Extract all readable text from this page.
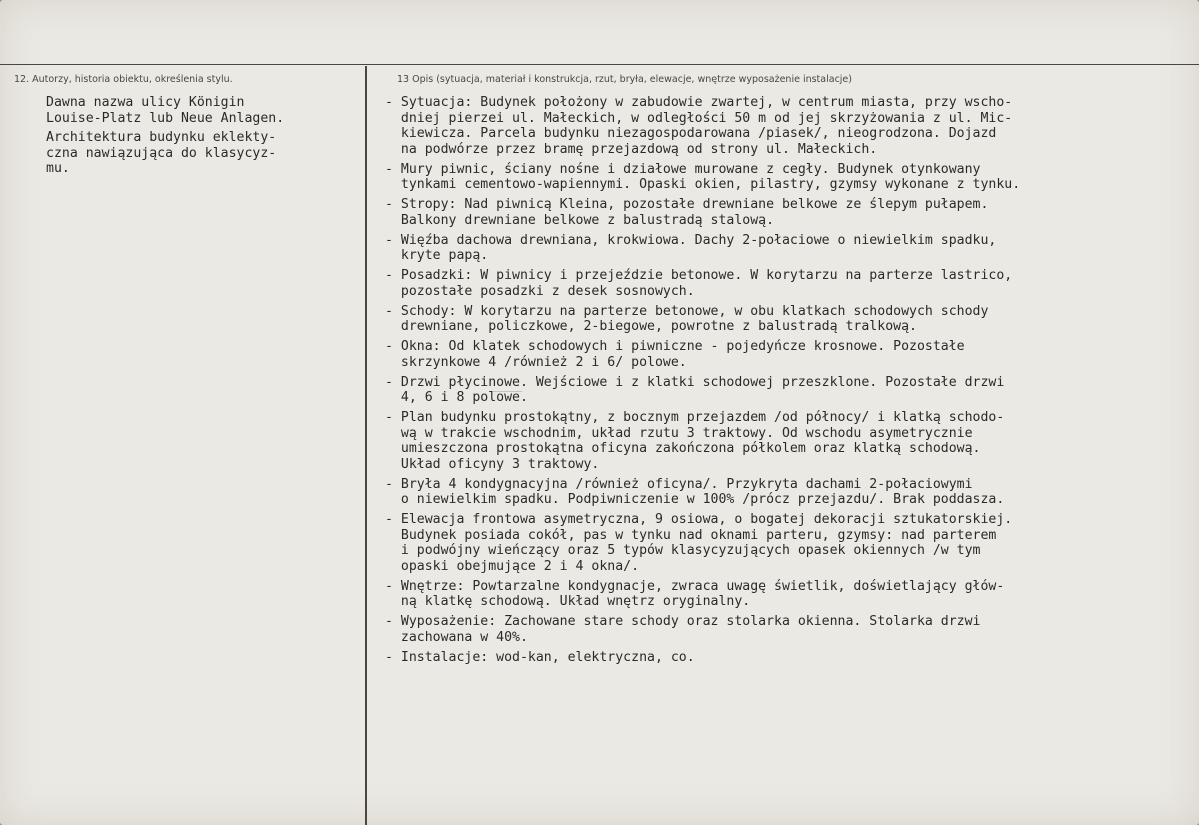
12. Autorzy, historia obiektu, określenia stylu.	13 Opis (sytuacja, materiał i konstrukcja, rzut, bryła, elewacje, wnętrze wyposażenie instalacje)
Dawna nazwa ulicy Königin
Louise-Platz lub Neue Anlagen.
Architektura budynku eklekty-
czna nawiązująca do klasycyz-
mu.
- Sytuacja: Budynek położony w zabudowie zwartej, w centrum miasta, przy wscho-
dniej pierzei ul. Małeckich, w odległości 50 m od jej skrzyżowania z ul. Mic-
kiewicza. Parcela budynku niezagospodarowana /piasek/, nieogrodzona. Dojazd
na podwórze przez bramę przejazdową od strony ul. Małeckich.
- Mury piwnic, ściany nośne i działowe murowane z cegły. Budynek otynkowany
tynkami cementowo-wapiennymi. Opaski okien, pilastry, gzymsy wykonane z tynku.
- Stropy: Nad piwnicą Kleina, pozostałe drewniane belkowe ze ślepym pułapem.
Balkony drewniane belkowe z balustradą stalową.
- Więźba dachowa drewniana, krokwiowa. Dachy 2-połaciowe o niewielkim spadku,
kryte papą.
- Posadzki: W piwnicy i przejeździe betonowe. W korytarzu na parterze lastrico,
pozostałe posadzki z desek sosnowych.
- Schody: W korytarzu na parterze betonowe, w obu klatkach schodowych schody
drewniane, policzkowe, 2-biegowe, powrotne z balustradą tralkową.
- Okna: Od klatek schodowych i piwniczne - pojedyńcze krosnowe. Pozostałe
skrzynkowe 4 /również 2 i 6/ polowe.
- Drzwi płycinowe. Wejściowe i z klatki schodowej przeszklone. Pozostałe drzwi
4, 6 i 8 polowe.
- Plan budynku prostokątny, z bocznym przejazdem /od północy/ i klatką schodo-
wą w trakcie wschodnim, układ rzutu 3 traktowy. Od wschodu asymetrycznie
umieszczona prostokątna oficyna zakończona półkolem oraz klatką schodową.
Układ oficyny 3 traktowy.
- Bryła 4 kondygnacyjna /również oficyna/. Przykryta dachami 2-połaciowymi
o niewielkim spadku. Podpiwniczenie w 100% /prócz przejazdu/. Brak poddasza.
- Elewacja frontowa asymetryczna, 9 osiowa, o bogatej dekoracji sztukatorskiej.
Budynek posiada cokół, pas w tynku nad oknami parteru, gzymsy: nad parterem
i podwójny wieńczący oraz 5 typów klasycyzujących opasek okiennych /w tym
opaski obejmujące 2 i 4 okna/.
- Wnętrze: Powtarzalne kondygnacje, zwraca uwagę świetlik, doświetlający głów-
ną klatkę schodową. Układ wnętrz oryginalny.
- Wyposażenie: Zachowane stare schody oraz stolarka okienna. Stolarka drzwi
zachowana w 40%.
- Instalacje: wod-kan, elektryczna, co.
